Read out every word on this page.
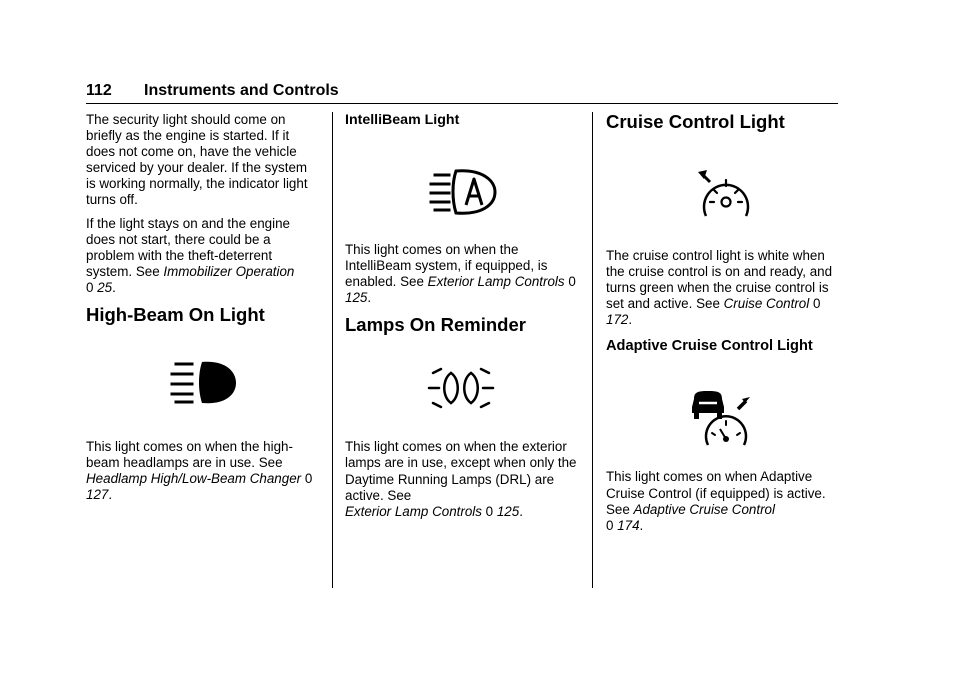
112 Instruments and Controls

The security light should come on briefly as the engine is started. If it does not come on, have the vehicle serviced by your dealer. If the system is working normally, the indicator light turns off.

If the light stays on and the engine does not start, there could be a problem with the theft-deterrent system. See Immobilizer Operation
0 25.

High-Beam On Light

This light comes on when the high-beam headlamps are in use. See Headlamp High/Low-Beam Changer 0 127.

IntelliBeam Light

This light comes on when the IntelliBeam system, if equipped, is enabled. See Exterior Lamp Controls 0 125.

Lamps On Reminder

This light comes on when the exterior lamps are in use, except when only the Daytime Running Lamps (DRL) are active. See
Exterior Lamp Controls 0 125.

Cruise Control Light

The cruise control light is white when the cruise control is on and ready, and turns green when the cruise control is set and active. See Cruise Control 0 172.

Adaptive Cruise Control Light

This light comes on when Adaptive Cruise Control (if equipped) is active. See Adaptive Cruise Control
0 174.
